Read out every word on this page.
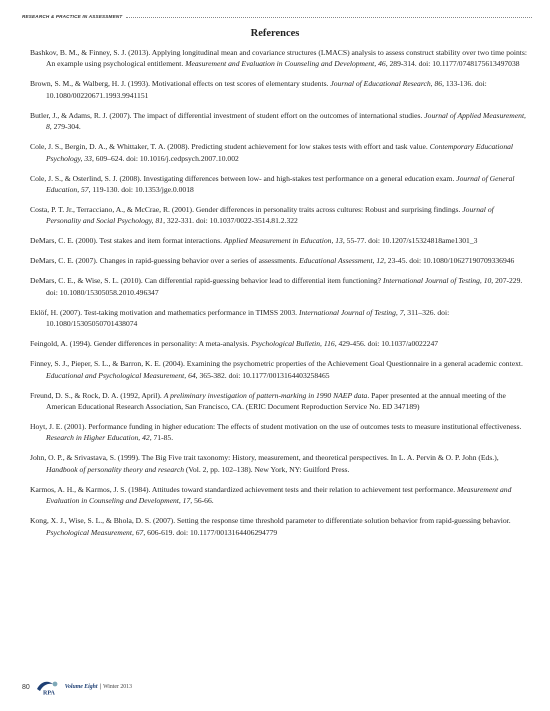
RESEARCH & PRACTICE IN ASSESSMENT
References
Bashkov, B. M., & Finney, S. J. (2013). Applying longitudinal mean and covariance structures (LMACS) analysis to assess construct stability over two time points: An example using psychological entitlement. Measurement and Evaluation in Counseling and Development, 46, 289-314. doi: 10.1177/0748175613497038
Brown, S. M., & Walberg, H. J. (1993). Motivational effects on test scores of elementary students. Journal of Educational Research, 86, 133-136. doi: 10.1080/00220671.1993.9941151
Butler, J., & Adams, R. J. (2007). The impact of differential investment of student effort on the outcomes of international studies. Journal of Applied Measurement, 8, 279-304.
Cole, J. S., Bergin, D. A., & Whittaker, T. A. (2008). Predicting student achievement for low stakes tests with effort and task value. Contemporary Educational Psychology, 33, 609–624. doi: 10.1016/j.cedpsych.2007.10.002
Cole, J. S., & Osterlind, S. J. (2008). Investigating differences between low- and high-stakes test performance on a general education exam. Journal of General Education, 57, 119-130. doi: 10.1353/jge.0.0018
Costa, P. T. Jr., Terracciano, A., & McCrae, R. (2001). Gender differences in personality traits across cultures: Robust and surprising findings. Journal of Personality and Social Psychology, 81, 322-331. doi: 10.1037/0022-3514.81.2.322
DeMars, C. E. (2000). Test stakes and item format interactions. Applied Measurement in Education, 13, 55-77. doi: 10.1207/s15324818ame1301_3
DeMars, C. E. (2007). Changes in rapid-guessing behavior over a series of assessments. Educational Assessment, 12, 23-45. doi: 10.1080/10627190709336946
DeMars, C. E., & Wise, S. L. (2010). Can differential rapid-guessing behavior lead to differential item functioning? International Journal of Testing, 10, 207-229. doi: 10.1080/15305058.2010.496347
Eklöf, H. (2007). Test-taking motivation and mathematics performance in TIMSS 2003. International Journal of Testing, 7, 311–326. doi: 10.1080/15305050701438074
Feingold, A. (1994). Gender differences in personality: A meta-analysis. Psychological Bulletin, 116, 429-456. doi: 10.1037/a0022247
Finney, S. J., Pieper, S. L., & Barron, K. E. (2004). Examining the psychometric properties of the Achievement Goal Questionnaire in a general academic context. Educational and Psychological Measurement, 64, 365-382. doi: 10.1177/0013164403258465
Freund, D. S., & Rock, D. A. (1992, April). A preliminary investigation of pattern-marking in 1990 NAEP data. Paper presented at the annual meeting of the American Educational Research Association, San Francisco, CA. (ERIC Document Reproduction Service No. ED 347189)
Hoyt, J. E. (2001). Performance funding in higher education: The effects of student motivation on the use of outcomes tests to measure institutional effectiveness. Research in Higher Education, 42, 71-85.
John, O. P., & Srivastava, S. (1999). The Big Five trait taxonomy: History, measurement, and theoretical perspectives. In L. A. Pervin & O. P. John (Eds.), Handbook of personality theory and research (Vol. 2, pp. 102–138). New York, NY: Guilford Press.
Karmos, A. H., & Karmos, J. S. (1984). Attitudes toward standardized achievement tests and their relation to achievement test performance. Measurement and Evaluation in Counseling and Development, 17, 56-66.
Kong, X. J., Wise, S. L., & Bhola, D. S. (2007). Setting the response time threshold parameter to differentiate solution behavior from rapid-guessing behavior. Psychological Measurement, 67, 606-619. doi: 10.1177/0013164406294779
80
RPA
Volume Eight | Winter 2013
